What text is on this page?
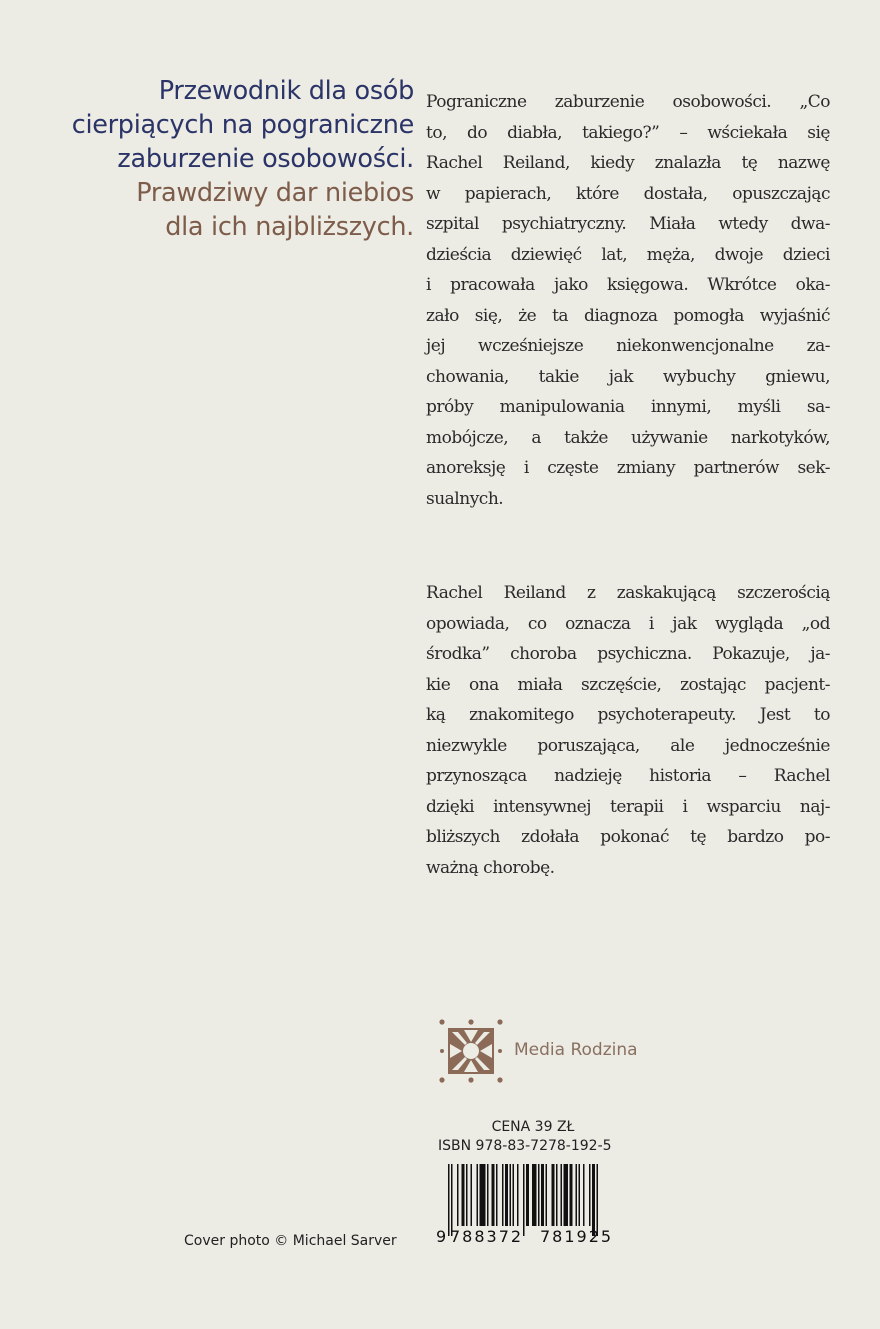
Przewodnik dla osób
cierpiących na pograniczne
zaburzenie osobowości.
Prawdziwy dar niebios
dla ich najbliższych.
Pograniczne zaburzenie osobowości. „Co
to, do diabła, takiego?” – wściekała się
Rachel Reiland, kiedy znalazła tę nazwę
w papierach, które dostała, opuszczając
szpital psychiatryczny. Miała wtedy dwa-
dzieścia dziewięć lat, męża, dwoje dzieci
i pracowała jako księgowa. Wkrótce oka-
zało się, że ta diagnoza pomogła wyjaśnić
jej wcześniejsze niekonwencjonalne za-
chowania, takie jak wybuchy gniewu,
próby manipulowania innymi, myśli sa-
mobójcze, a także używanie narkotyków,
anoreksję i częste zmiany partnerów sek-
sualnych.
Rachel Reiland z zaskakującą szczerością
opowiada, co oznacza i jak wygląda „od
środka” choroba psychiczna. Pokazuje, ja-
kie ona miała szczęście, zostając pacjent-
ką znakomitego psychoterapeuty. Jest to
niezwykle poruszająca, ale jednocześnie
przynosząca nadzieję historia – Rachel
dzięki intensywnej terapii i wsparciu naj-
bliższych zdołała pokonać tę bardzo po-
ważną chorobę.
Media Rodzina
CENA 39 ZŁ
ISBN 978-83-7278-192-5
9 788372 781925
Cover photo © Michael Sarver
